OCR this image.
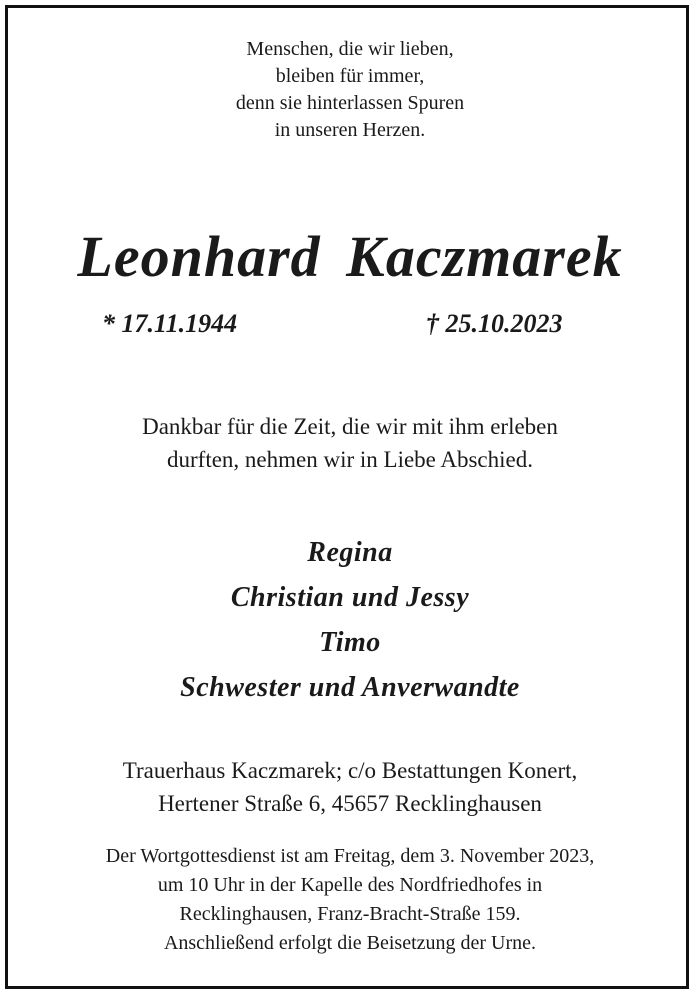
Menschen, die wir lieben,
bleiben für immer,
denn sie hinterlassen Spuren
in unseren Herzen.
Leonhard Kaczmarek
* 17.11.1944	† 25.10.2023
Dankbar für die Zeit, die wir mit ihm erleben
durften, nehmen wir in Liebe Abschied.
Regina
Christian und Jessy
Timo
Schwester und Anverwandte
Trauerhaus Kaczmarek; c/o Bestattungen Konert,
Hertener Straße 6, 45657 Recklinghausen
Der Wortgottesdienst ist am Freitag, dem 3. November 2023,
um 10 Uhr in der Kapelle des Nordfriedhofes in
Recklinghausen, Franz-Bracht-Straße 159.
Anschließend erfolgt die Beisetzung der Urne.
